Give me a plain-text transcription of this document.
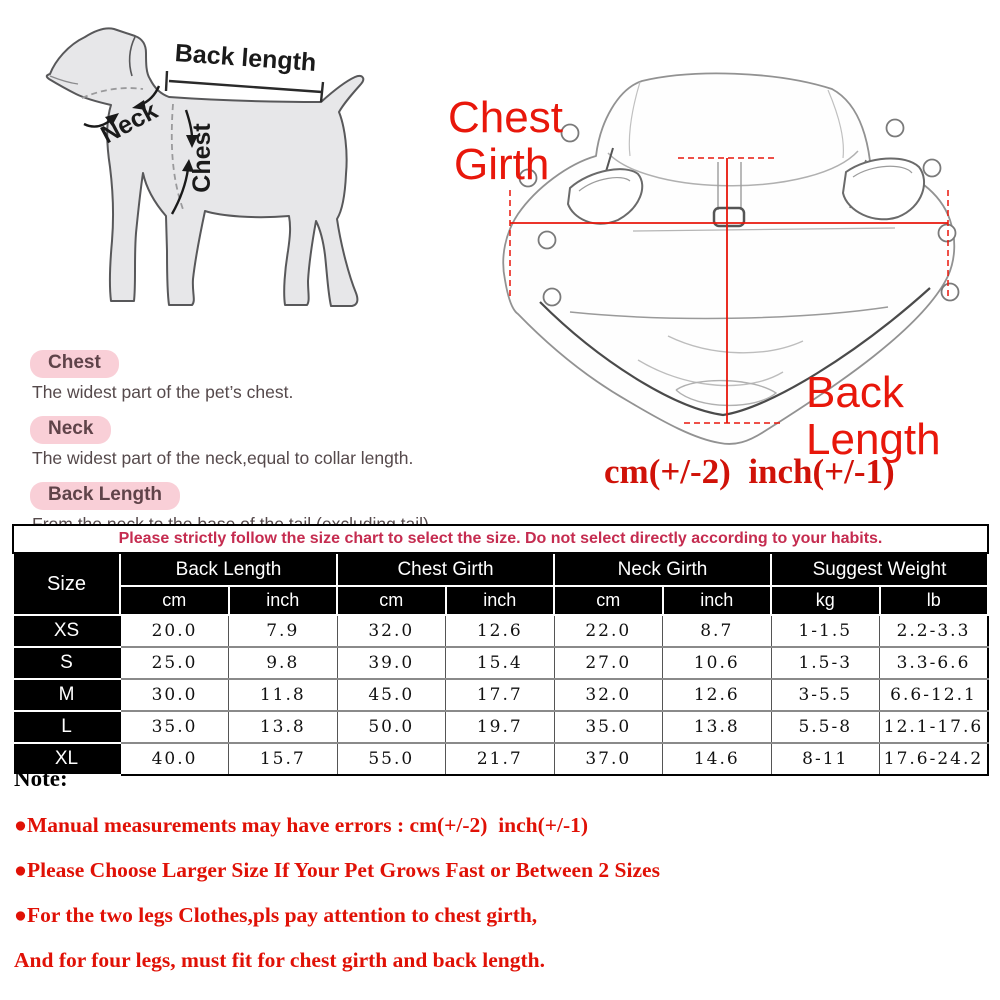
Back length
Neck
Chest
Chest
Girth
Back
Length
cm(+/-2)  inch(+/-1)
Chest

The widest part of the pet’s chest.

Neck

The widest part of the neck,equal to collar length.

Back Length

Please strictly follow the size chart to select the size. Do not select directly according to your habits.								
Size	Back Length		Chest Girth		Neck Girth		Suggest Weight	
	cm	inch	cm	inch	cm	inch	kg	lb
XS	20.0	7.9	32.0	12.6	22.0	8.7	1-1.5	2.2-3.3
S	25.0	9.8	39.0	15.4	27.0	10.6	1.5-3	3.3-6.6
M	30.0	11.8	45.0	17.7	32.0	12.6	3-5.5	6.6-12.1
L	35.0	13.8	50.0	19.7	35.0	13.8	5.5-8	12.1-17.6
XL	40.0	15.7	55.0	21.7	37.0	14.6	8-11	17.6-24.2
Note:
●Manual measurements may have errors : cm(+/-2)  inch(+/-1)
●Please Choose Larger Size If Your Pet Grows Fast or Between 2 Sizes
●For the two legs Clothes,pls pay attention to chest girth,
And for four legs, must fit for chest girth and back length.
